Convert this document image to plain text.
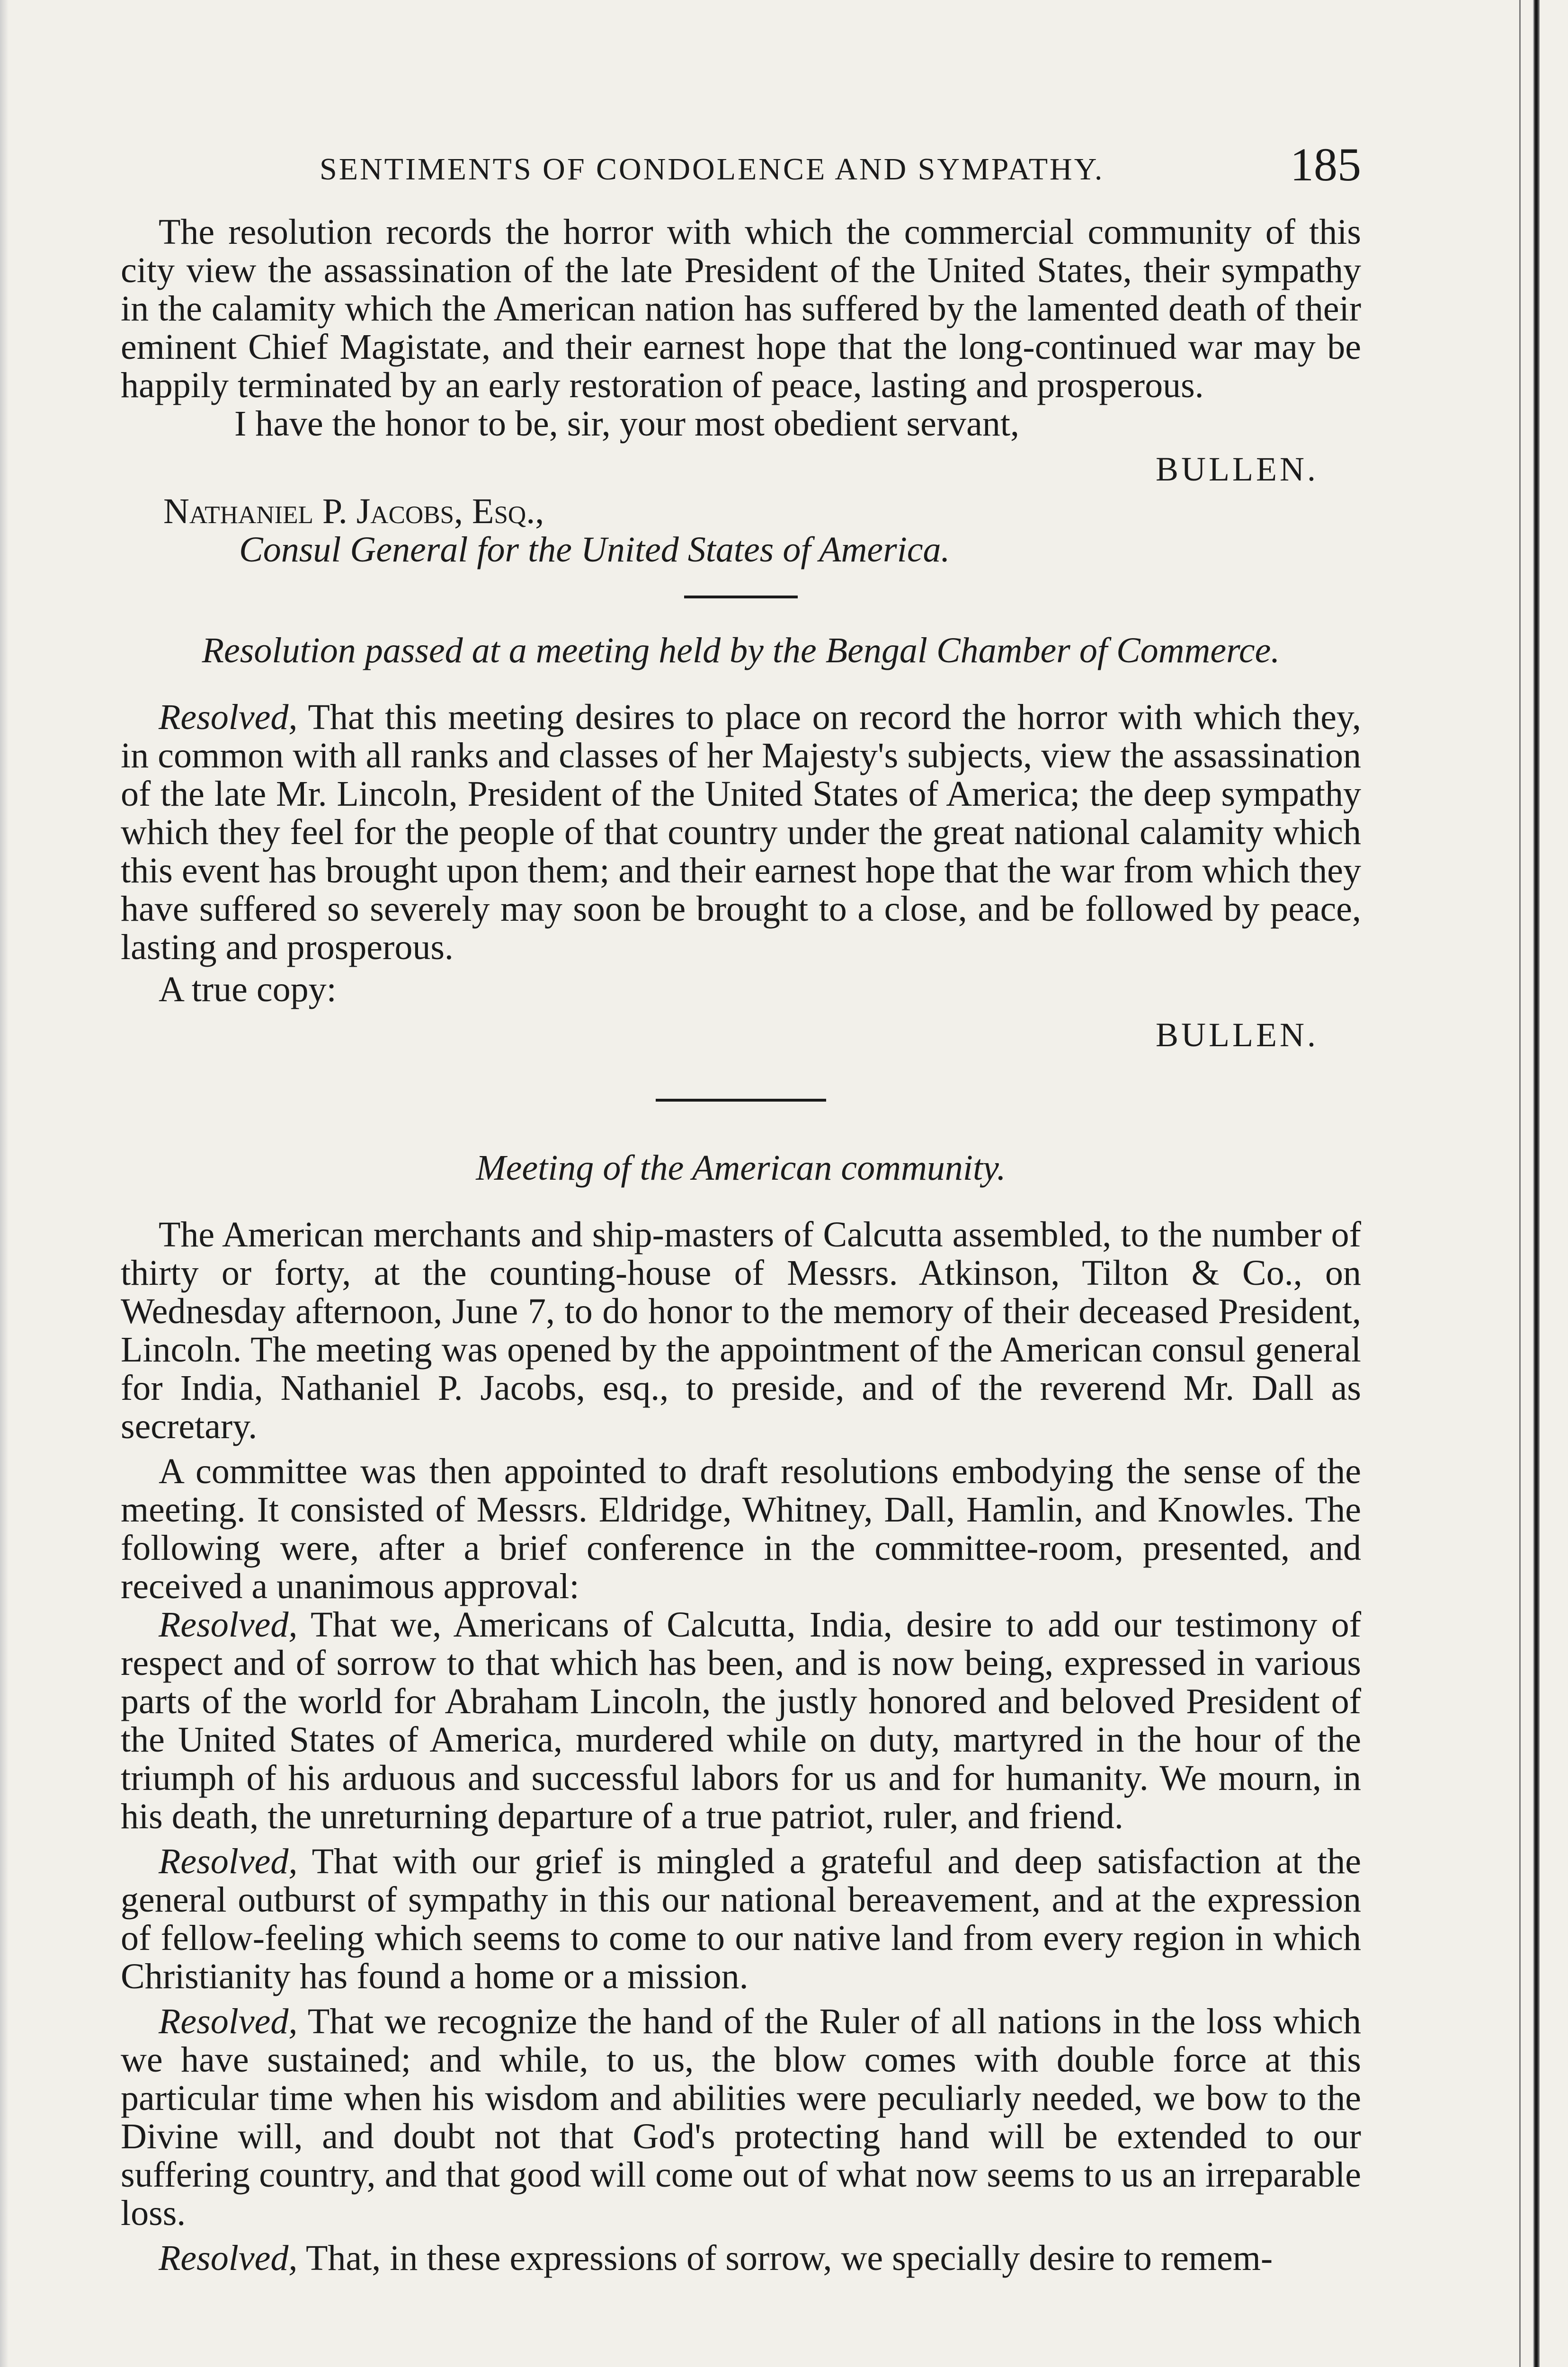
SENTIMENTS OF CONDOLENCE AND SYMPATHY.	185

The resolution records the horror with which the commercial community of this city view the assassination of the late President of the United States, their sympathy in the calamity which the American nation has suffered by the lamented death of their eminent Chief Magistate, and their earnest hope that the long-continued war may be happily terminated by an early restoration of peace, lasting and prosperous.

I have the honor to be, sir, your most obedient servant,

BULLEN.
Nathaniel P. Jacobs, Esq.,
Consul General for the United States of America.
Resolution passed at a meeting held by the Bengal Chamber of Commerce.

Resolved, That this meeting desires to place on record the horror with which they, in common with all ranks and classes of her Majesty's subjects, view the assassination of the late Mr. Lincoln, President of the United States of America; the deep sympathy which they feel for the people of that country under the great national calamity which this event has brought upon them; and their earnest hope that the war from which they have suffered so severely may soon be brought to a close, and be followed by peace, lasting and prosperous.

A true copy:

BULLEN.
Meeting of the American community.

The American merchants and ship-masters of Calcutta assembled, to the number of thirty or forty, at the counting-house of Messrs. Atkinson, Tilton & Co., on Wednesday afternoon, June 7, to do honor to the memory of their deceased President, Lincoln. The meeting was opened by the appointment of the American consul general for India, Nathaniel P. Jacobs, esq., to preside, and of the reverend Mr. Dall as secretary.

A committee was then appointed to draft resolutions embodying the sense of the meeting. It consisted of Messrs. Eldridge, Whitney, Dall, Hamlin, and Knowles. The following were, after a brief conference in the committee-room, presented, and received a unanimous approval:

Resolved, That we, Americans of Calcutta, India, desire to add our testimony of respect and of sorrow to that which has been, and is now being, expressed in various parts of the world for Abraham Lincoln, the justly honored and beloved President of the United States of America, murdered while on duty, martyred in the hour of the triumph of his arduous and successful labors for us and for humanity. We mourn, in his death, the unreturning departure of a true patriot, ruler, and friend.

Resolved, That with our grief is mingled a grateful and deep satisfaction at the general outburst of sympathy in this our national bereavement, and at the expression of fellow-feeling which seems to come to our native land from every region in which Christianity has found a home or a mission.

Resolved, That we recognize the hand of the Ruler of all nations in the loss which we have sustained; and while, to us, the blow comes with double force at this particular time when his wisdom and abilities were peculiarly needed, we bow to the Divine will, and doubt not that God's protecting hand will be extended to our suffering country, and that good will come out of what now seems to us an irreparable loss.

Resolved, That, in these expressions of sorrow, we specially desire to remem-
